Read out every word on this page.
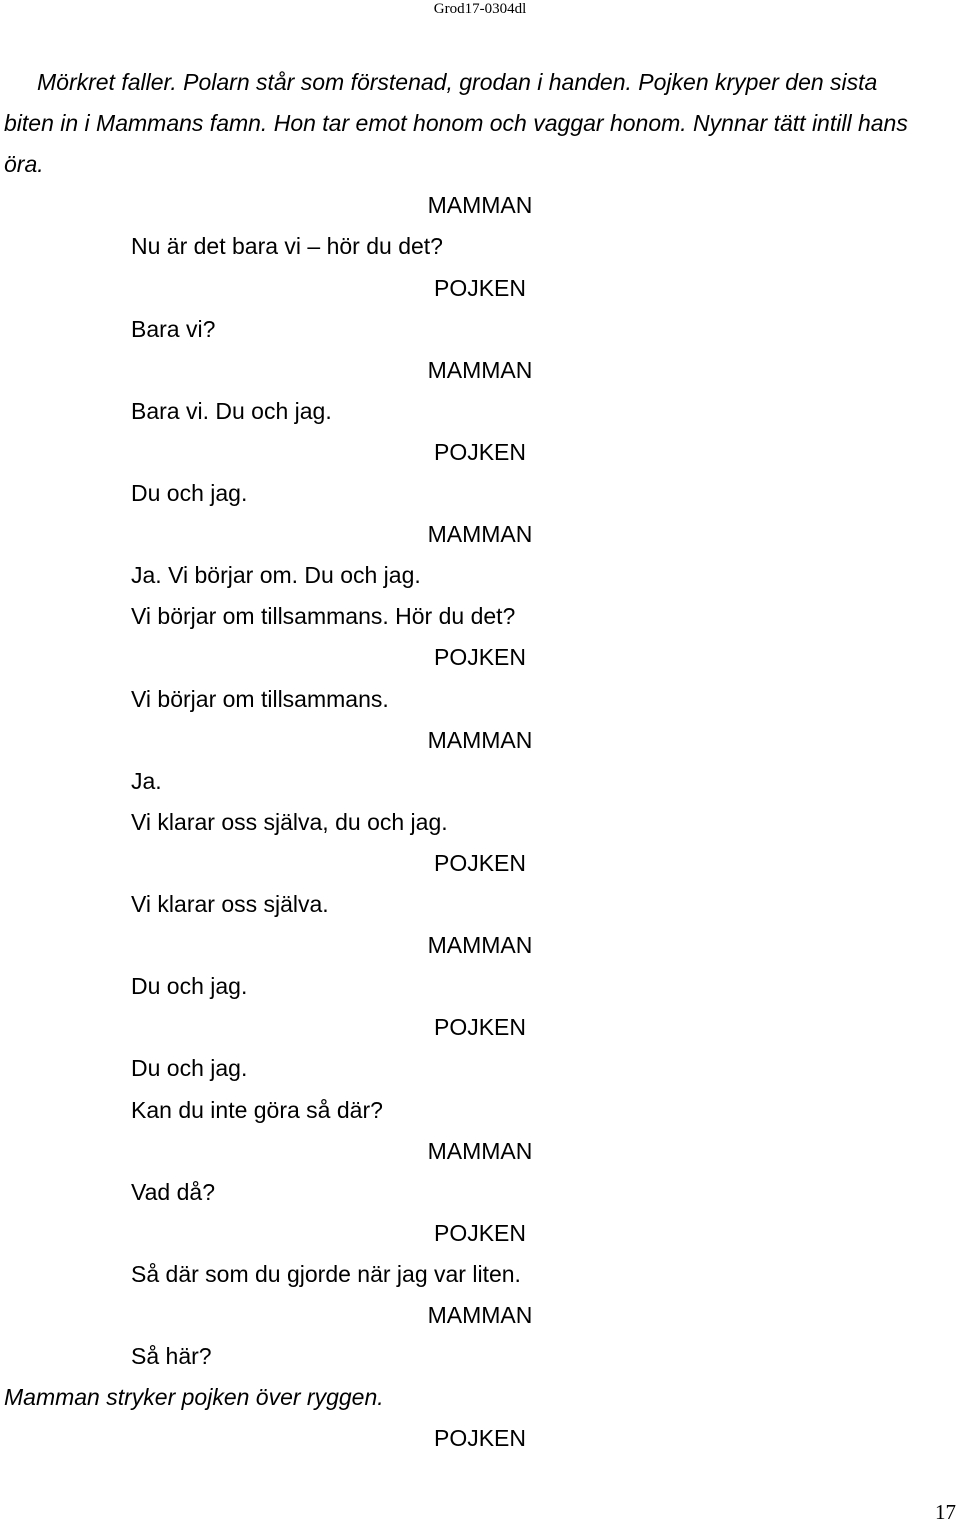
Grod17-0304dl
Mörkret faller. Polarn står som förstenad, grodan i handen. Pojken kryper den sista
biten in i Mammans famn. Hon tar emot honom och vaggar honom. Nynnar tätt intill hans
öra.
MAMMAN
Nu är det bara vi – hör du det?
POJKEN
Bara vi?
MAMMAN
Bara vi. Du och jag.
POJKEN
Du och jag.
MAMMAN
Ja. Vi börjar om. Du och jag.
Vi börjar om tillsammans. Hör du det?
POJKEN
Vi börjar om tillsammans.
MAMMAN
Ja.
Vi klarar oss själva, du och jag.
POJKEN
Vi klarar oss själva.
MAMMAN
Du och jag.
POJKEN
Du och jag.
Kan du inte göra så där?
MAMMAN
Vad då?
POJKEN
Så där som du gjorde när jag var liten.
MAMMAN
Så här?
Mamman stryker pojken över ryggen.
POJKEN
17
